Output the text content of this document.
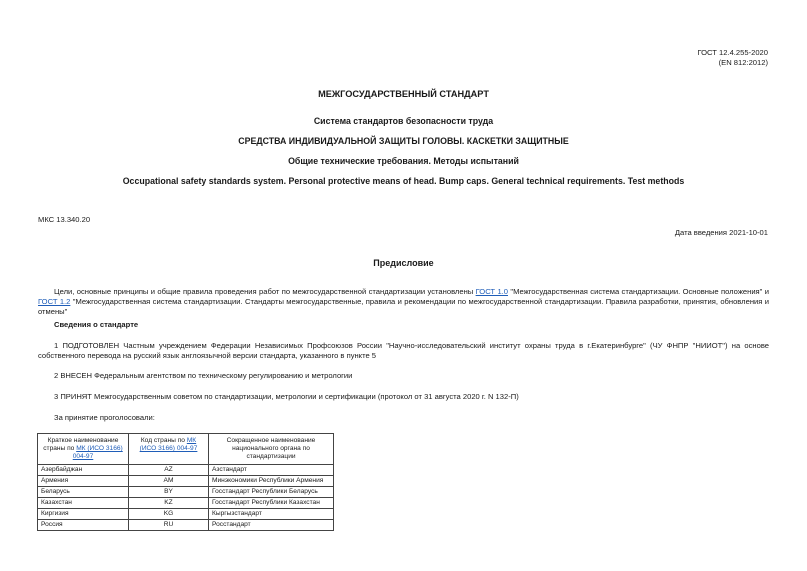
ГОСТ 12.4.255-2020
(EN 812:2012)
МЕЖГОСУДАРСТВЕННЫЙ СТАНДАРТ
Система стандартов безопасности труда
СРЕДСТВА ИНДИВИДУАЛЬНОЙ ЗАЩИТЫ ГОЛОВЫ. КАСКЕТКИ ЗАЩИТНЫЕ
Общие технические требования. Методы испытаний
Occupational safety standards system. Personal protective means of head. Bump caps. General technical requirements. Test methods
МКС 13.340.20
Дата введения 2021-10-01
Предисловие
Цели, основные принципы и общие правила проведения работ по межгосударственной стандартизации установлены ГОСТ 1.0 "Межгосударственная система стандартизации. Основные положения" и ГОСТ 1.2 "Межгосударственная система стандартизации. Стандарты межгосударственные, правила и рекомендации по межгосударственной стандартизации. Правила разработки, принятия, обновления и отмены"
Сведения о стандарте
1 ПОДГОТОВЛЕН Частным учреждением Федерации Независимых Профсоюзов России "Научно-исследовательский институт охраны труда в г.Екатеринбурге" (ЧУ ФНПР "НИИОТ") на основе собственного перевода на русский язык англоязычной версии стандарта, указанного в пункте 5
2 ВНЕСЕН Федеральным агентством по техническому регулированию и метрологии
3 ПРИНЯТ Межгосударственным советом по стандартизации, метрологии и сертификации (протокол от 31 августа 2020 г. N 132-П)
За принятие проголосовали:
Краткое наименование страны по МК (ИСО 3166) 004-97	Код страны по МК (ИСО 3166) 004-97	Сокращенное наименование национального органа по стандартизации
Азербайджан	AZ	Азстандарт
Армения	AM	Минэкономики Республики Армения
Беларусь	BY	Госстандарт Республики Беларусь
Казахстан	KZ	Госстандарт Республики Казахстан
Киргизия	KG	Кыргызстандарт
Россия	RU	Росстандарт
